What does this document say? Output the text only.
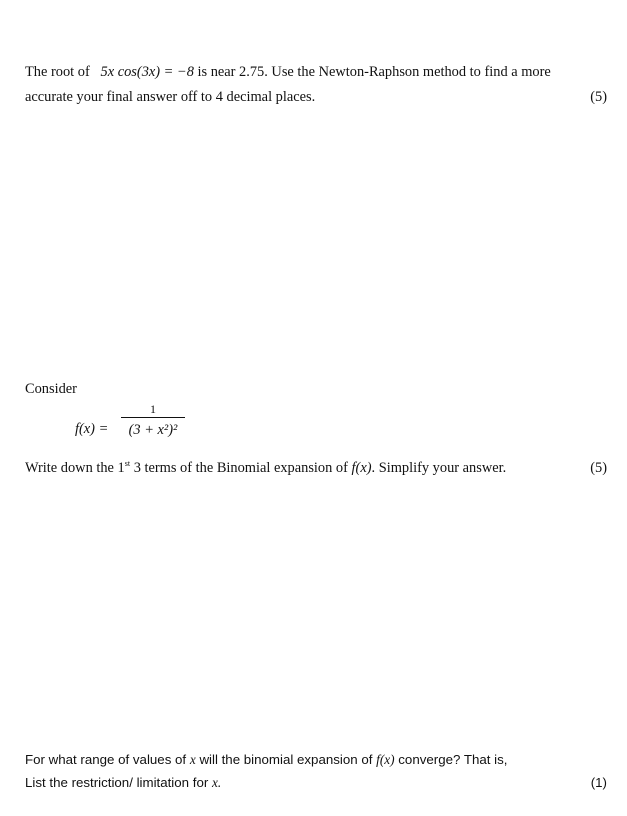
The root of 5x cos(3x) = −8 is near 2.75. Use the Newton-Raphson method to find a more
accurate your final answer off to 4 decimal places.	(5)
Consider
f(x) =
1
(3 + x²)²
Write down the 1st 3 terms of the Binomial expansion of f(x). Simplify your answer.	(5)
For what range of values of x will the binomial expansion of f(x) converge? That is,
List the restriction/ limitation for x.	(1)
